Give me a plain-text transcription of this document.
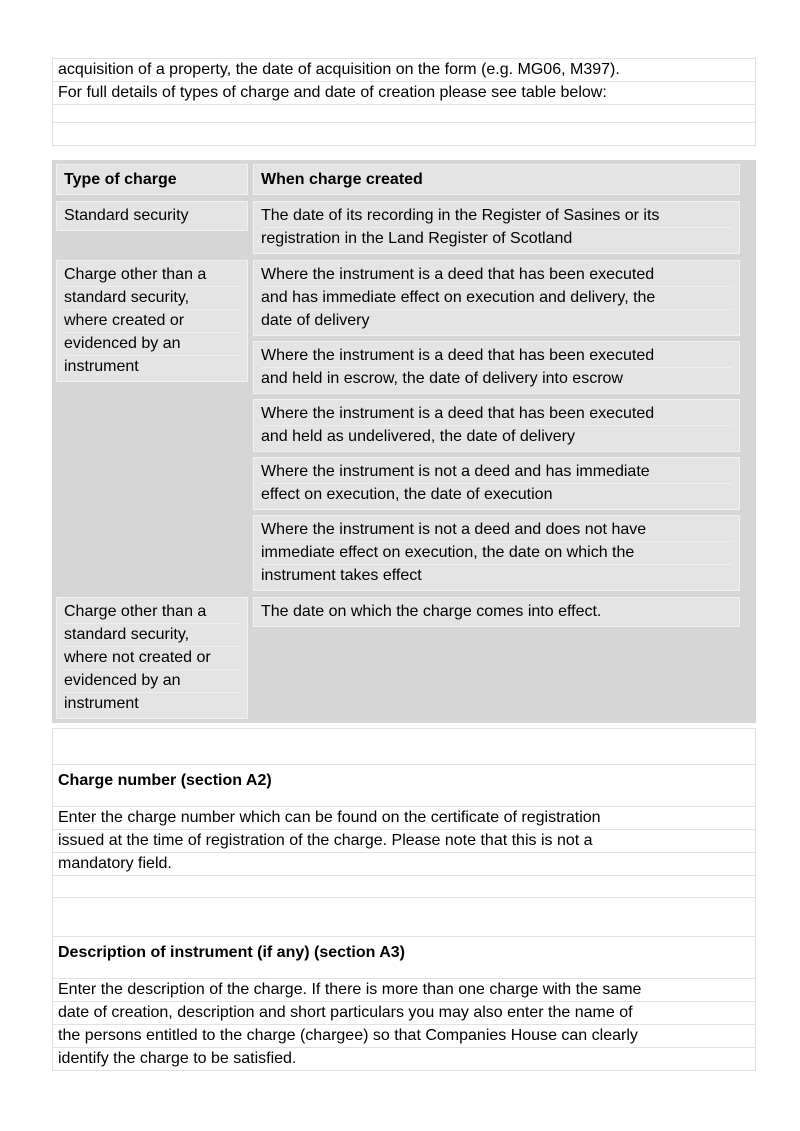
acquisition of a property, the date of acquisition on the form (e.g. MG06, M397).
For full details of types of charge and date of creation please see table below:
Type of charge	When charge created
Standard security	The date of its recording in the Register of Sasines or its
registration in the Land Register of Scotland
Charge other than a
standard security,
where created or
evidenced by an
instrument
Where the instrument is a deed that has been executed
and has immediate effect on execution and delivery, the
date of delivery
Where the instrument is a deed that has been executed
and held in escrow, the date of delivery into escrow
Where the instrument is a deed that has been executed
and held as undelivered, the date of delivery
Where the instrument is not a deed and has immediate
effect on execution, the date of execution
Where the instrument is not a deed and does not have
immediate effect on execution, the date on which the
instrument takes effect
Charge other than a
standard security,
where not created or
evidenced by an
instrument
The date on which the charge comes into effect.
Charge number (section A2)
Enter the charge number which can be found on the certificate of registration
issued at the time of registration of the charge. Please note that this is not a
mandatory field.
Description of instrument (if any) (section A3)
Enter the description of the charge. If there is more than one charge with the same
date of creation, description and short particulars you may also enter the name of
the persons entitled to the charge (chargee) so that Companies House can clearly
identify the charge to be satisfied.
